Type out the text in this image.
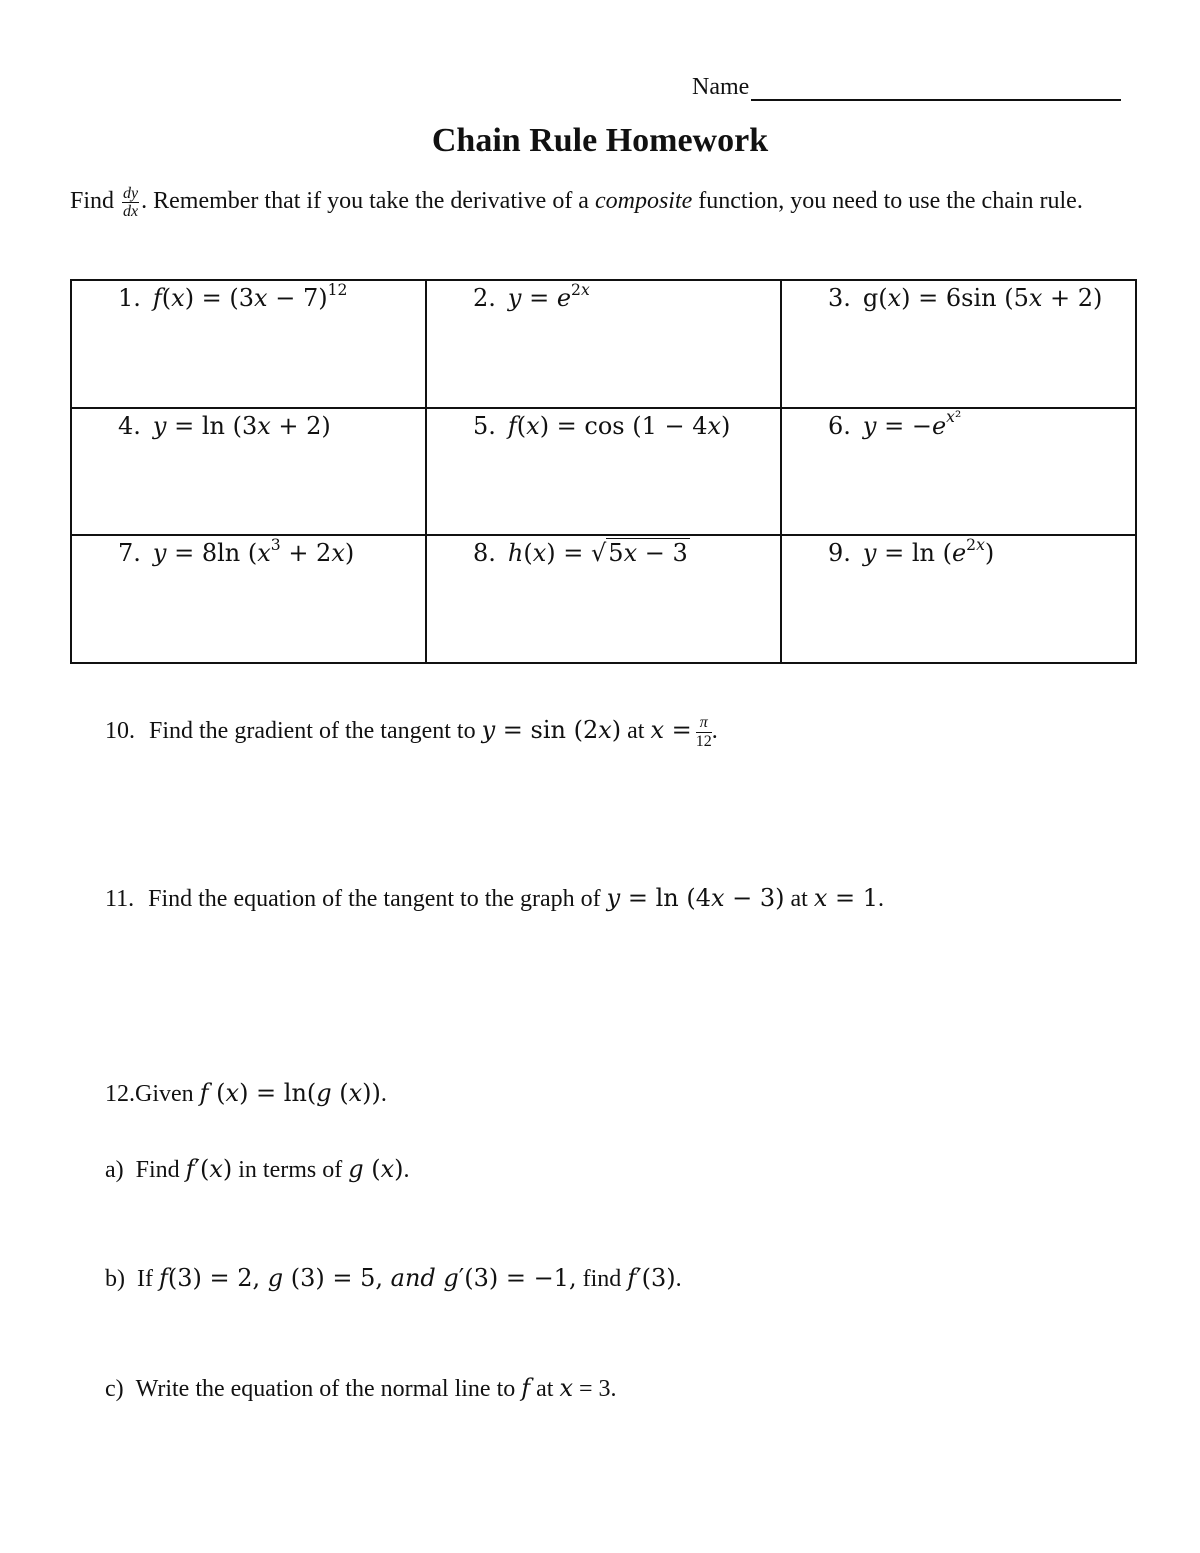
Name
Chain Rule Homework
Find $\frac{dy}{dx}$ . Remember that if you take the derivative of a composite function, you need to use the chain rule.
1. 𝑓(𝑥) = (3𝑥 − 7)$^{12}$	2. 𝑦 = 𝑒$^{2𝑥}$	3. g(𝑥) = 6sin (5𝑥 + 2)

4. 𝑦 = ln (3𝑥 + 2)	5. 𝑓(𝑥) = cos (1 − 4𝑥)	6. 𝑦 = −𝑒$^{𝑥^2}$

7. 𝑦 = 8ln (𝑥$^3$ + 2𝑥)	8. ℎ(𝑥) = √5𝑥 − 3	9. 𝑦 = ln (𝑒$^{2𝑥}$)
10. Find the gradient of the tangent to 𝑦 = sin (2𝑥) at 𝑥 = $\frac{\pi}{12}$ .
11. Find the equation of the tangent to the graph of 𝑦 = ln (4𝑥 − 3) at 𝑥 = 1.
12.Given 𝑓 (𝑥) = ln(𝑔 (𝑥)).
a) Find 𝑓′(𝑥) in terms of 𝑔 (𝑥).
b) If 𝑓(3) = 2, 𝑔 (3) = 5, 𝑎𝑛𝑑 𝑔′(3) = −1, find 𝑓′(3).
c) Write the equation of the normal line to 𝑓 at 𝑥 = 3.
